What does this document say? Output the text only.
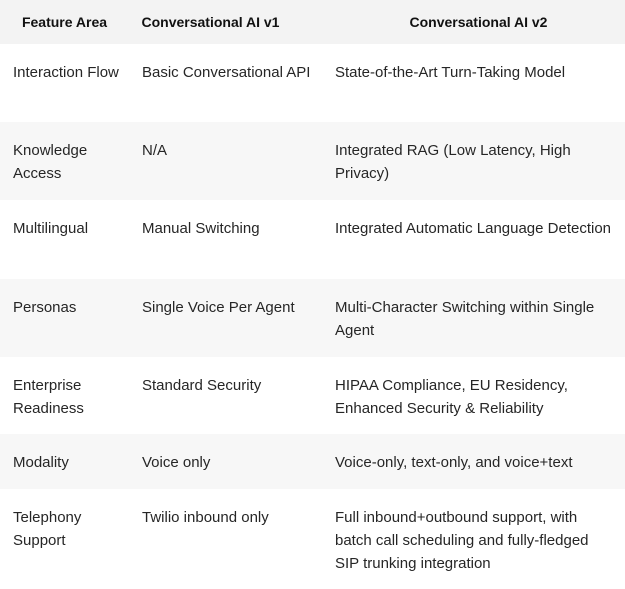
Feature Area	Conversational AI v1	Conversational AI v2
Interaction Flow	Basic Conversational API	State-of-the-Art Turn-Taking Model
Knowledge Access	N/A	Integrated RAG (Low Latency, High Privacy)
Multilingual	Manual Switching	Integrated Automatic Language Detection
Personas	Single Voice Per Agent	Multi-Character Switching within Single Agent
Enterprise Readiness	Standard Security	HIPAA Compliance, EU Residency, Enhanced Security & Reliability
Modality	Voice only	Voice-only, text-only, and voice+text
Telephony Support	Twilio inbound only	Full inbound+outbound support, with batch call scheduling and fully-fledged SIP trunking integration
